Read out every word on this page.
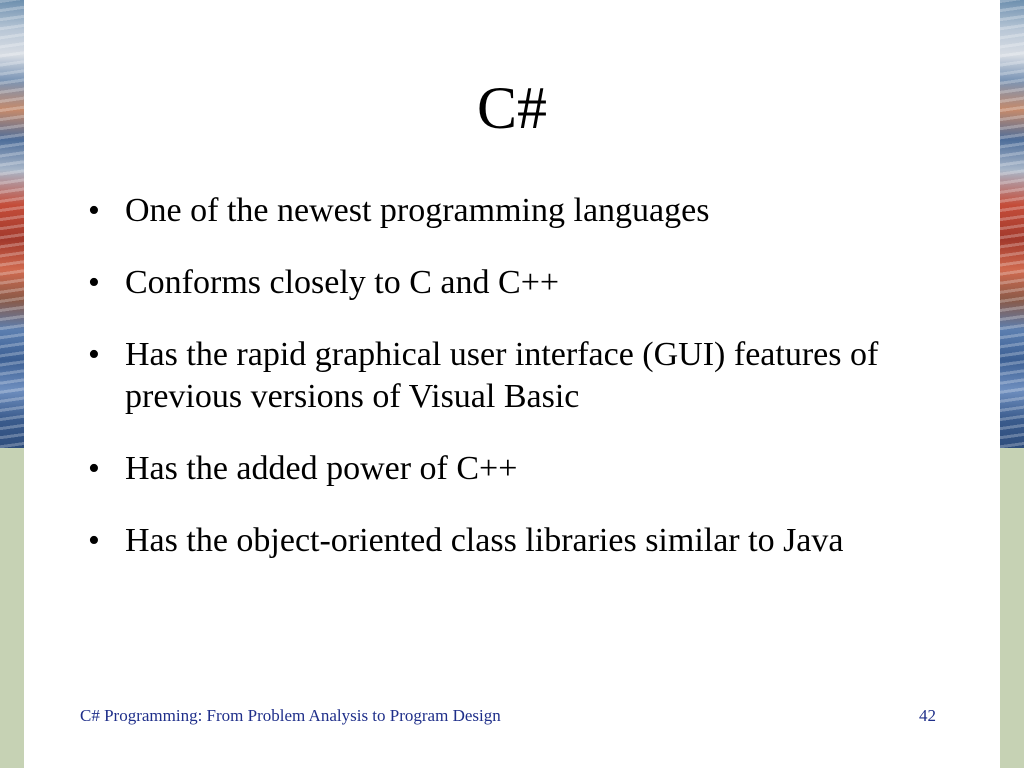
C#
• One of the newest programming languages
• Conforms closely to C and C++
• Has the rapid graphical user interface (GUI) features of previous versions of Visual Basic
• Has the added power of C++
• Has the object-oriented class libraries similar to Java
C# Programming: From Problem Analysis to Program Design	42
